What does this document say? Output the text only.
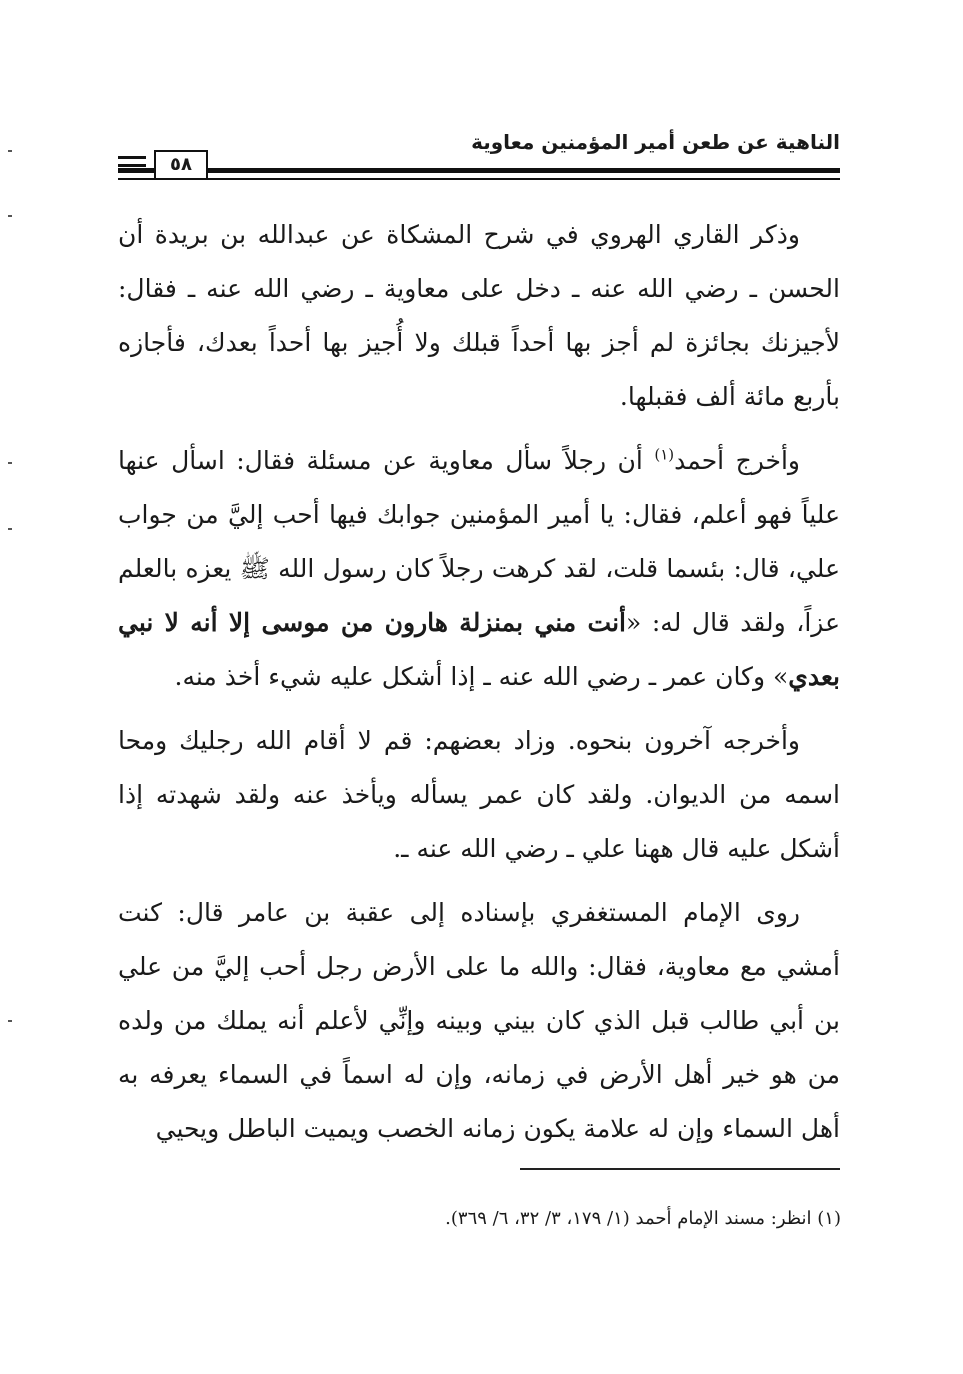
الناهية عن طعن أمير المؤمنين معاوية
٥٨

وذكر القاري الهروي في شرح المشكاة عن عبدالله بن بريدة أن الحسن ـ رضي الله عنه ـ دخل على معاوية ـ رضي الله عنه ـ فقال: لأجيزنك بجائزة لم أجز بها أحداً قبلك ولا أُجيز بها أحداً بعدك، فأجازه بأربع مائة ألف فقبلها.

وأخرج أحمد$^{(١)}$ أن رجلاً سأل معاوية عن مسئلة فقال: اسأل عنها علياً فهو أعلم، فقال: يا أمير المؤمنين جوابك فيها أحب إليَّ من جواب علي، قال: بئسما قلت، لقد كرهت رجلاً كان رسول الله ﷺ يعزه بالعلم عزاً، ولقد قال له: «أنت مني بمنزلة هارون من موسى إلا أنه لا نبي بعدي» وكان عمر ـ رضي الله عنه ـ إذا أشكل عليه شيء أخذ منه.

وأخرجه آخرون بنحوه. وزاد بعضهم: قم لا أقام الله رجليك ومحا اسمه من الديوان. ولقد كان عمر يسأله ويأخذ عنه ولقد شهدته إذا أشكل عليه قال ههنا علي ـ رضي الله عنه ـ.

روى الإمام المستغفري بإسناده إلى عقبة بن عامر قال: كنت أمشي مع معاوية، فقال: والله ما على الأرض رجل أحب إليَّ من علي بن أبي طالب قبل الذي كان بيني وبينه وإنِّي لأعلم أنه يملك من ولده من هو خير أهل الأرض في زمانه، وإن له اسماً في السماء يعرفه به أهل السماء وإن له علامة يكون زمانه الخصب ويميت الباطل ويحيي

(١) انظر: مسند الإمام أحمد (١/ ١٧٩، ٣/ ٣٢، ٦/ ٣٦٩).
